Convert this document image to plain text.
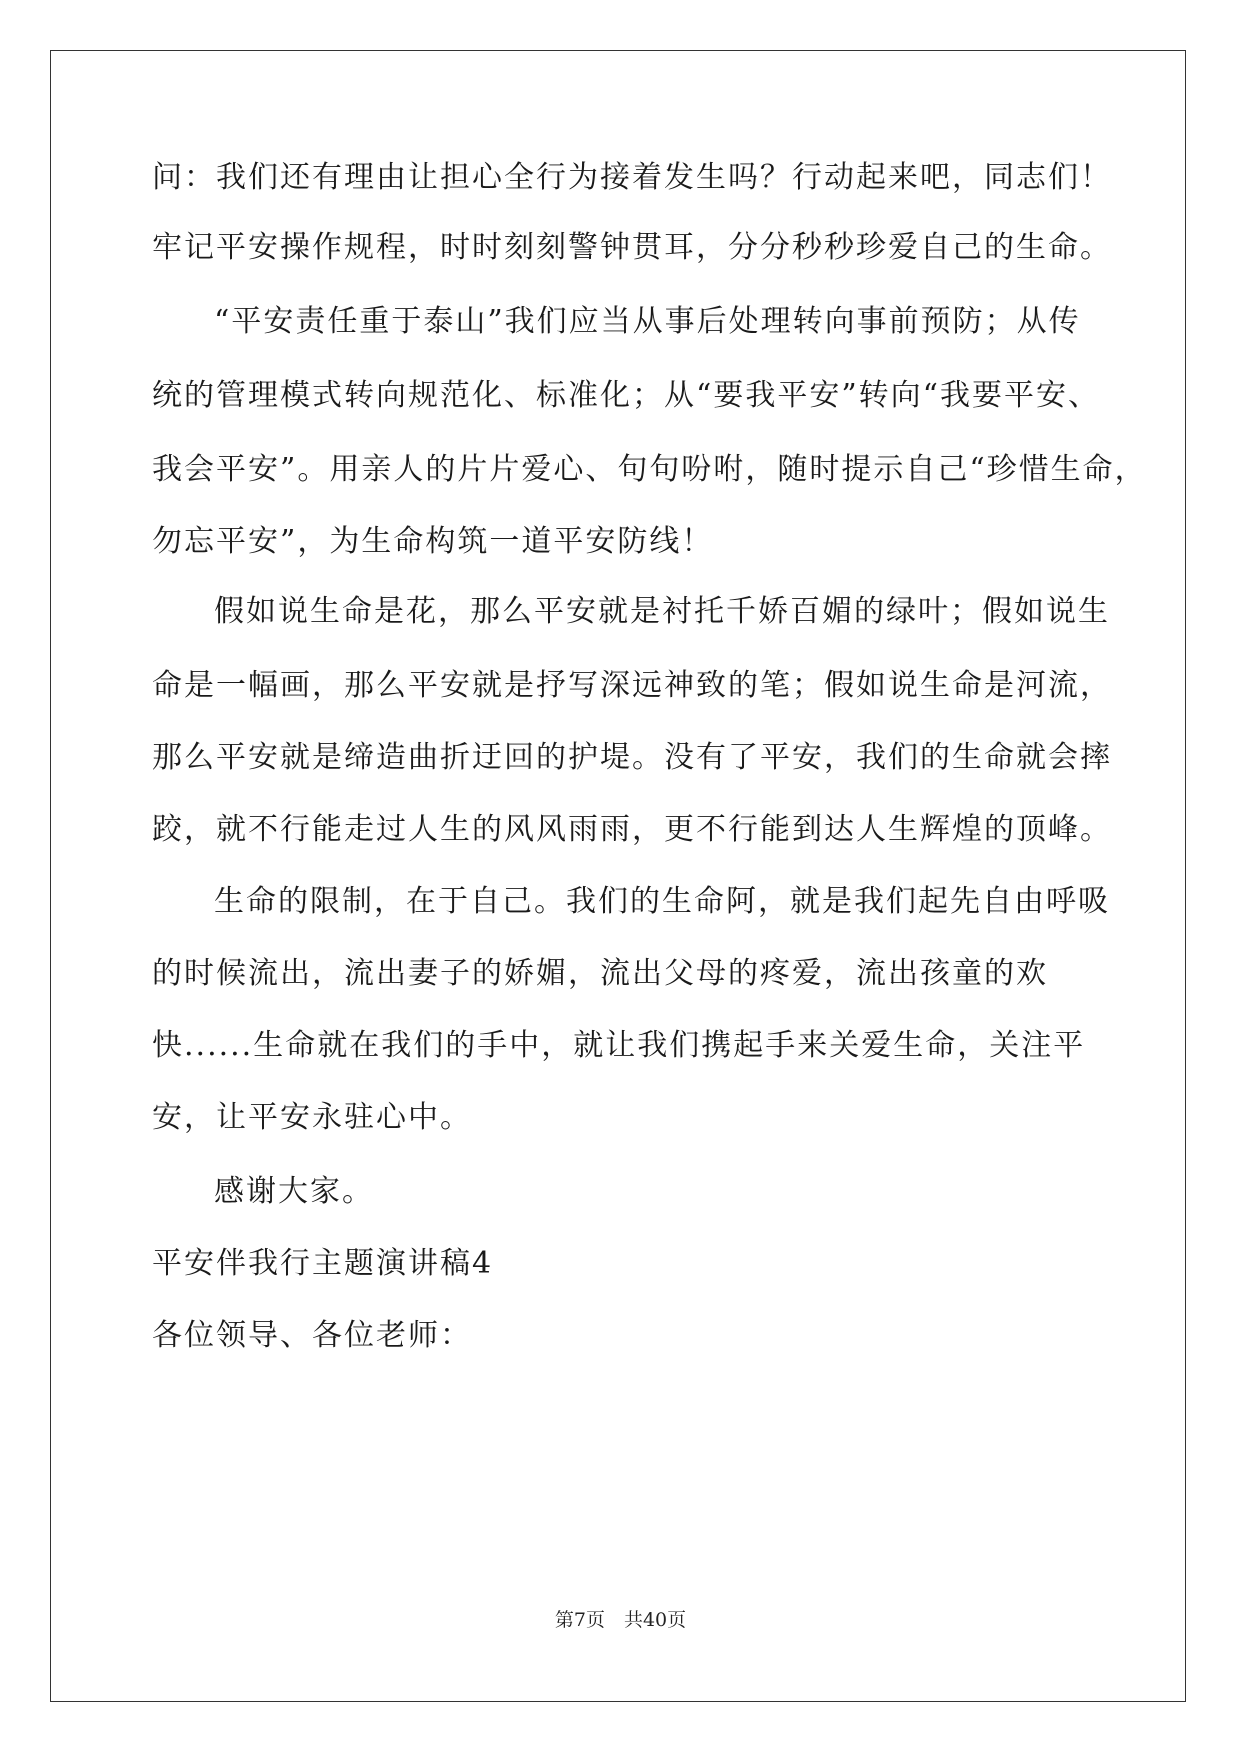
问：我们还有理由让担心全行为接着发生吗？行动起来吧，同志们！
牢记平安操作规程，时时刻刻警钟贯耳，分分秒秒珍爱自己的生命。
“平安责任重于泰山”我们应当从事后处理转向事前预防；从传
统的管理模式转向规范化、标准化；从“要我平安”转向“我要平安、
我会平安”。用亲人的片片爱心、句句吩咐，随时提示自己“珍惜生命，
勿忘平安”，为生命构筑一道平安防线！
假如说生命是花，那么平安就是衬托千娇百媚的绿叶；假如说生
命是一幅画，那么平安就是抒写深远神致的笔；假如说生命是河流，
那么平安就是缔造曲折迂回的护堤。没有了平安，我们的生命就会摔
跤，就不行能走过人生的风风雨雨，更不行能到达人生辉煌的顶峰。
生命的限制，在于自己。我们的生命阿，就是我们起先自由呼吸
的时候流出，流出妻子的娇媚，流出父母的疼爱，流出孩童的欢
快......生命就在我们的手中，就让我们携起手来关爱生命，关注平
安，让平安永驻心中。
感谢大家。
平安伴我行主题演讲稿4
各位领导、各位老师：
第7页　共40页
